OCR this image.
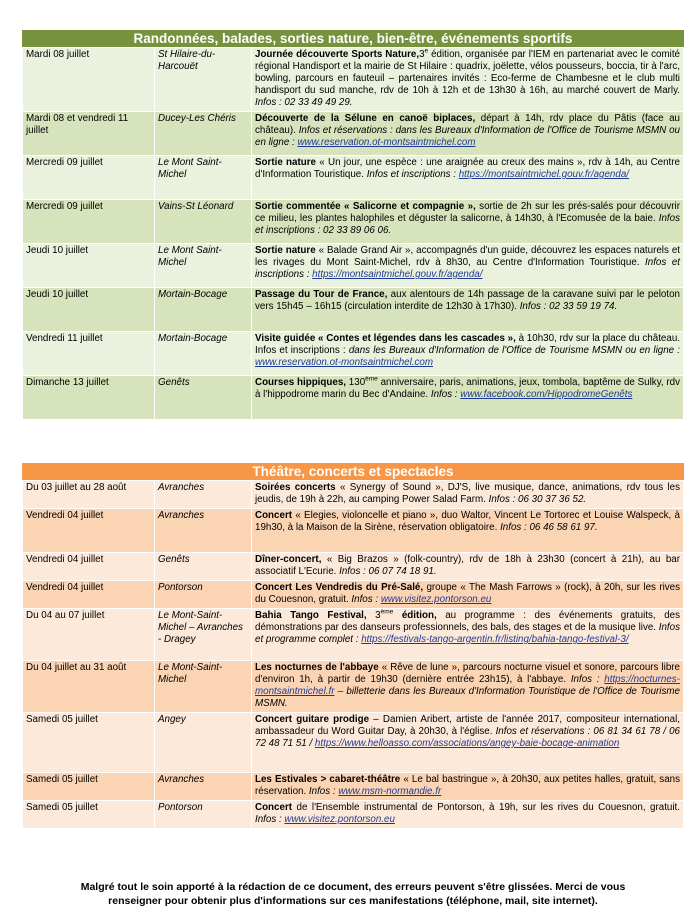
Randonnées, balades, sorties nature, bien-être, événements sportifs
Mardi 08 juillet	St Hilaire-du-Harcouët	Journée découverte Sports Nature,3e édition, organisée par l'IEM en partenariat avec le comité régional Handisport et la mairie de St Hilaire : quadrix, joëlette, vélos pousseurs, boccia, tir à l'arc, bowling, parcours en fauteuil – partenaires invités : Eco-ferme de Chambesne et le club multi handisport du sud manche, rdv de 10h à 12h et de 13h30 à 16h, au marché couvert de Marly. Infos : 02 33 49 49 29.
Mardi 08 et vendredi 11 juillet	Ducey-Les Chéris	Découverte de la Sélune en canoë biplaces, départ à 14h, rdv place du Pâtis (face au château). Infos et réservations : dans les Bureaux d'Information de l'Office de Tourisme MSMN ou en ligne : www.reservation.ot-montsaintmichel.com
Mercredi 09 juillet	Le Mont Saint-Michel	Sortie nature « Un jour, une espèce : une araignée au creux des mains », rdv à 14h, au Centre d'Information Touristique. Infos et inscriptions : https://montsaintmichel.gouv.fr/agenda/
Mercredi 09 juillet	Vains-St Léonard	Sortie commentée « Salicorne et compagnie », sortie de 2h sur les prés-salés pour découvrir ce milieu, les plantes halophiles et déguster la salicorne, à 14h30, à l'Ecomusée de la baie. Infos et inscriptions : 02 33 89 06 06.
Jeudi 10 juillet	Le Mont Saint-Michel	Sortie nature « Balade Grand Air », accompagnés d'un guide, découvrez les espaces naturels et les rivages du Mont Saint-Michel, rdv à 8h30, au Centre d'Information Touristique. Infos et inscriptions : https://montsaintmichel.gouv.fr/agenda/
Jeudi 10 juillet	Mortain-Bocage	Passage du Tour de France, aux alentours de 14h passage de la caravane suivi par le peloton vers 15h45 – 16h15 (circulation interdite de 12h30 à 17h30). Infos : 02 33 59 19 74.
Vendredi 11 juillet	Mortain-Bocage	Visite guidée « Contes et légendes dans les cascades », à 10h30, rdv sur la place du château. Infos et inscriptions : dans les Bureaux d'Information de l'Office de Tourisme MSMN ou en ligne : www.reservation.ot-montsaintmichel.com
Dimanche 13 juillet	Genêts	Courses hippiques, 130ème anniversaire, paris, animations, jeux, tombola, baptême de Sulky, rdv à l'hippodrome marin du Bec d'Andaine. Infos : www.facebook.com/HippodromeGenêts
Théâtre, concerts et spectacles
Du 03 juillet au 28 août	Avranches	Soirées concerts « Synergy of Sound », DJ'S, live musique, dance, animations, rdv tous les jeudis, de 19h à 22h, au camping Power Salad Farm. Infos : 06 30 37 36 52.
Vendredi 04 juillet	Avranches	Concert « Elegies, violoncelle et piano », duo Waltor, Vincent Le Tortorec et Louise Walspeck, à 19h30, à la Maison de la Sirène, réservation obligatoire. Infos : 06 46 58 61 97.
Vendredi 04 juillet	Genêts	Dîner-concert, « Big Brazos » (folk-country), rdv de 18h à 23h30 (concert à 21h), au bar associatif L'Ecurie. Infos : 06 07 74 18 91.
Vendredi 04 juillet	Pontorson	Concert Les Vendredis du Pré-Salé, groupe « The Mash Farrows » (rock), à 20h, sur les rives du Couesnon, gratuit. Infos : www.visitez.pontorson.eu
Du 04 au 07 juillet	Le Mont-Saint-Michel – Avranches - Dragey	Bahia Tango Festival, 3ème édition, au programme : des événements gratuits, des démonstrations par des danseurs professionnels, des bals, des stages et de la musique live. Infos et programme complet : https://festivals-tango-argentin.fr/listing/bahia-tango-festival-3/
Du 04 juillet au 31 août	Le Mont-Saint-Michel	Les nocturnes de l'abbaye « Rêve de lune », parcours nocturne visuel et sonore, parcours libre d'environ 1h, à partir de 19h30 (dernière entrée 23h15), à l'abbaye. Infos : https://nocturnes-montsaintmichel.fr – billetterie dans les Bureaux d'Information Touristique de l'Office de Tourisme MSMN.
Samedi 05 juillet	Angey	Concert guitare prodige – Damien Aribert, artiste de l'année 2017, compositeur international, ambassadeur du Word Guitar Day, à 20h30, à l'église. Infos et réservations : 06 81 34 61 78 / 06 72 48 71 51 / https://www.helloasso.com/associations/angey-baie-bocage-animation
Samedi 05 juillet	Avranches	Les Estivales > cabaret-théâtre « Le bal bastringue », à 20h30, aux petites halles, gratuit, sans réservation. Infos : www.msm-normandie.fr
Samedi 05 juillet	Pontorson	Concert de l'Ensemble instrumental de Pontorson, à 19h, sur les rives du Couesnon, gratuit. Infos : www.visitez.pontorson.eu
Malgré tout le soin apporté à la rédaction de ce document, des erreurs peuvent s'être glissées. Merci de vous
renseigner pour obtenir plus d'informations sur ces manifestations (téléphone, mail, site internet).
